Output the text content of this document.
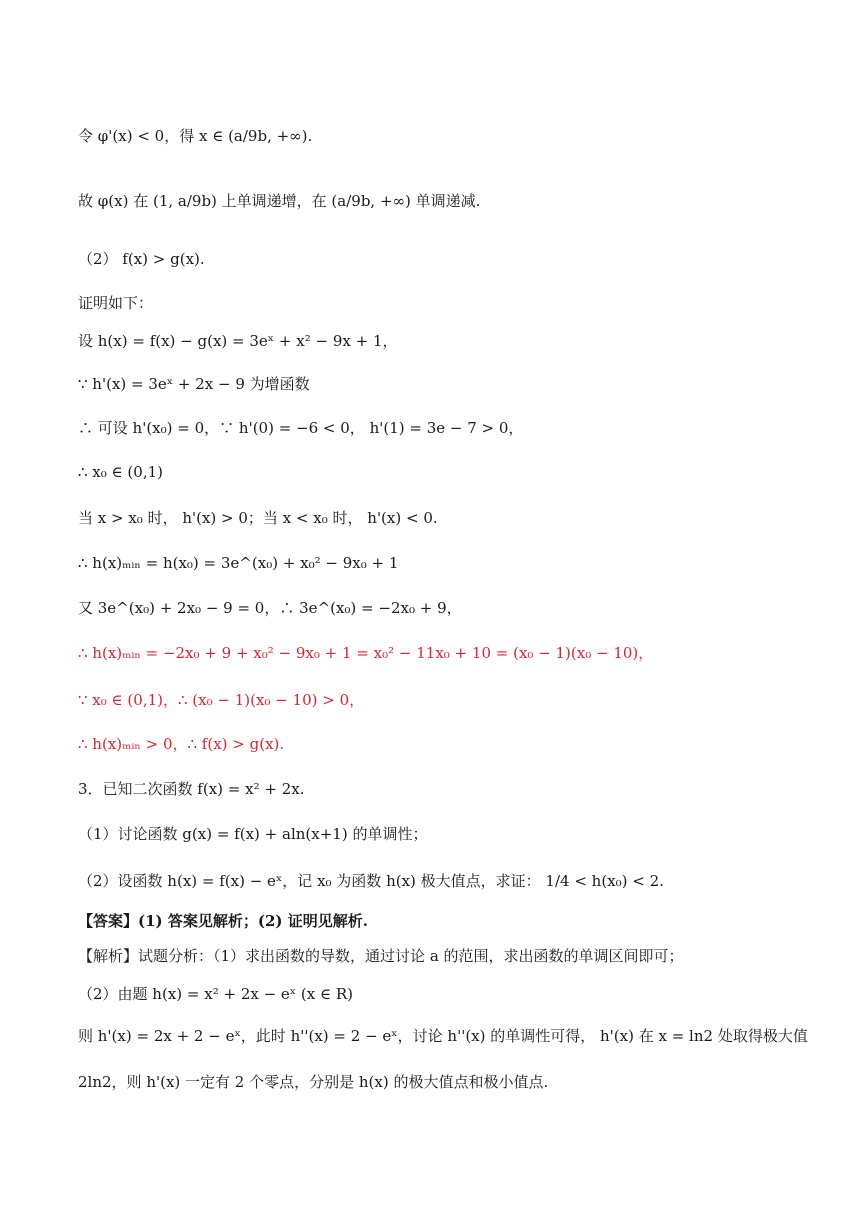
令 φ'(x) < 0，得 x ∈ (a/9b, +∞).
故 φ(x) 在 (1, a/9b) 上单调递增，在 (a/9b, +∞) 单调递减.
（2） f(x) > g(x).
证明如下：
设 h(x) = f(x) − g(x) = 3eˣ + x² − 9x + 1，
∵ h'(x) = 3eˣ + 2x − 9 为增函数
∴ 可设 h'(x₀) = 0，∵ h'(0) = −6 < 0， h'(1) = 3e − 7 > 0，
∴ x₀ ∈ (0,1)
当 x > x₀ 时， h'(x) > 0；当 x < x₀ 时， h'(x) < 0.
∴ h(x)ₘᵢₙ = h(x₀) = 3e^(x₀) + x₀² − 9x₀ + 1
又 3e^(x₀) + 2x₀ − 9 = 0，∴ 3e^(x₀) = −2x₀ + 9，
∴ h(x)ₘᵢₙ = −2x₀ + 9 + x₀² − 9x₀ + 1 = x₀² − 11x₀ + 10 = (x₀ − 1)(x₀ − 10)，
∵ x₀ ∈ (0,1)，∴ (x₀ − 1)(x₀ − 10) > 0，
∴ h(x)ₘᵢₙ > 0，∴ f(x) > g(x).
3．已知二次函数 f(x) = x² + 2x.
（1）讨论函数 g(x) = f(x) + aln(x+1) 的单调性；
（2）设函数 h(x) = f(x) − eˣ，记 x₀ 为函数 h(x) 极大值点，求证： 1/4 < h(x₀) < 2.
【答案】(1) 答案见解析；(2) 证明见解析.
【解析】试题分析：（1）求出函数的导数，通过讨论 a 的范围，求出函数的单调区间即可；
（2）由题 h(x) = x² + 2x − eˣ (x ∈ R)
则 h'(x) = 2x + 2 − eˣ，此时 h''(x) = 2 − eˣ，讨论 h''(x) 的单调性可得， h'(x) 在 x = ln2 处取得极大值
2ln2，则 h'(x) 一定有 2 个零点，分别是 h(x) 的极大值点和极小值点.
